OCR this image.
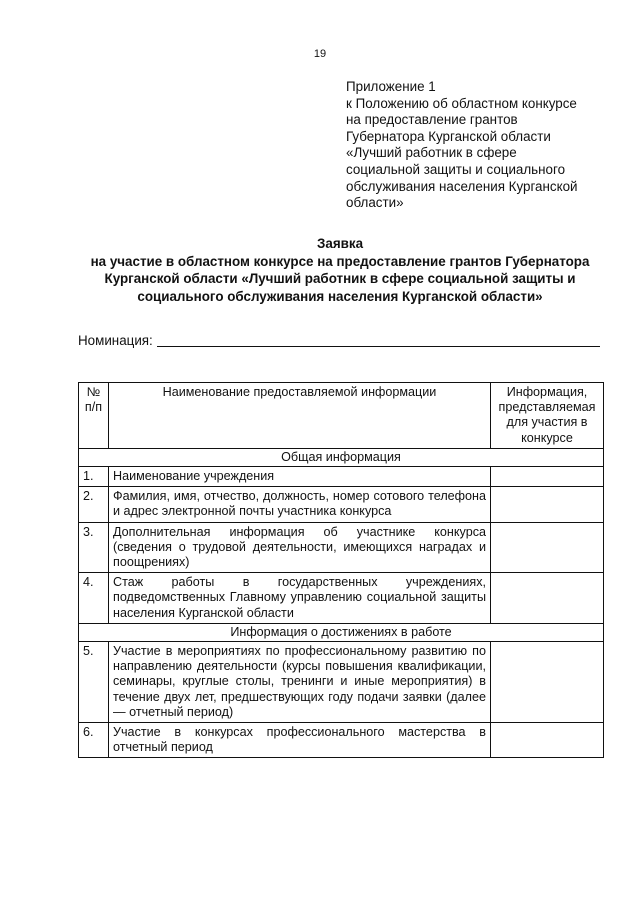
19
Приложение 1
к Положению об областном конкурсе
на предоставление грантов
Губернатора Курганской области
«Лучший работник в сфере
социальной защиты и социального
обслуживания населения Курганской
области»
Заявка
на участие в областном конкурсе на предоставление грантов Губернатора
Курганской области «Лучший работник в сфере социальной защиты и
социального обслуживания населения Курганской области»
Номинация:
№ п/п	Наименование предоставляемой информации	Информация, представляемая для участия в конкурсе
Общая информация		
1.	Наименование учреждения	
2.	Фамилия, имя, отчество, должность, номер сотового телефона и адрес электронной почты участника конкурса	
3.	Дополнительная информация об участнике конкурса (сведения о трудовой деятельности, имеющихся наградах и поощрениях)	
4.	Стаж работы в государственных учреждениях, подведомственных Главному управлению социальной защиты населения Курганской области	
Информация о достижениях в работе		
5.	Участие в мероприятиях по профессиональному развитию по направлению деятельности (курсы повышения квалификации, семинары, круглые столы, тренинги и иные мероприятия) в течение двух лет, предшествующих году подачи заявки (далее — отчетный период)	
6.	Участие в конкурсах профессионального мастерства в отчетный период	
